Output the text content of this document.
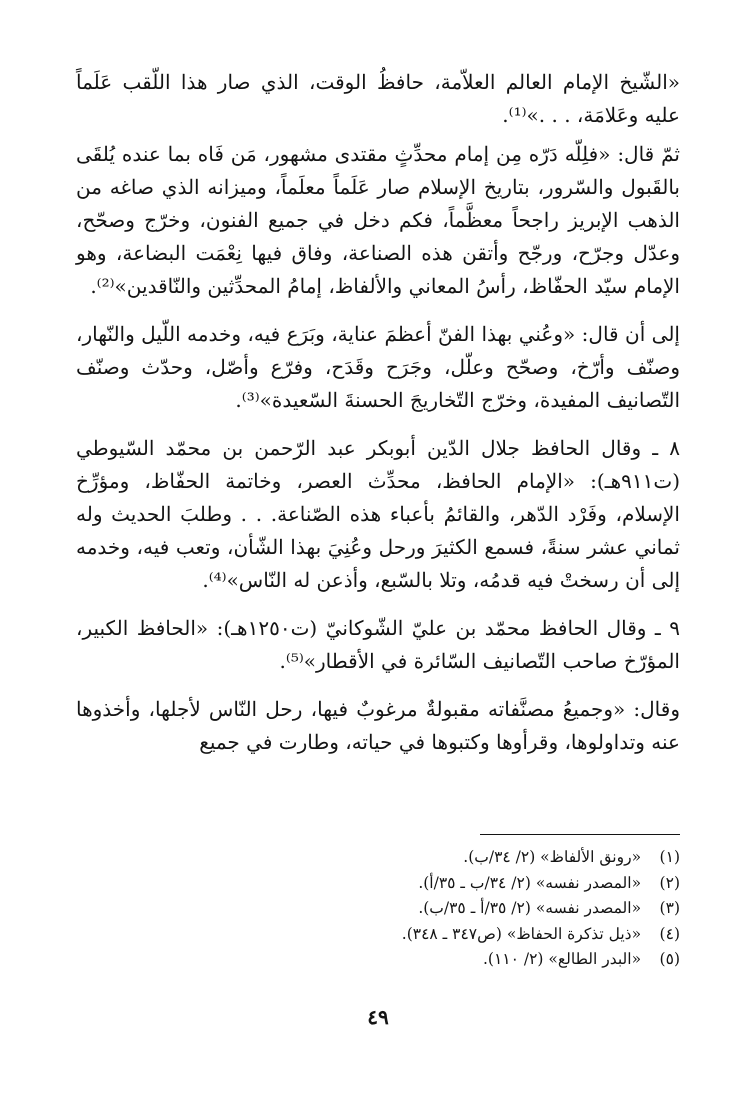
«الشّيخ الإمام العالم العلاّمة، حافظُ الوقت، الذي صار هذا اللّقب عَلَماً عليه وعَلامَة، . . .»⁽¹⁾.

ثمّ قال: «فلِلّه دَرّه مِن إمام محدِّثٍ مقتدى مشهور، مَن فَاه بما عنده يُلقَى بالقَبول والسّرور، بتاريخ الإسلام صار عَلَماً معلَماً، وميزانه الذي صاغه من الذهب الإبريز راجحاً معظَّماً، فكم دخل في جميع الفنون، وخرّج وصحّح، وعدّل وجرّح، ورجّح وأتقن هذه الصناعة، وفاق فيها نِعْمَت البضاعة، وهو الإمام سيّد الحفّاظ، رأسُ المعاني والألفاظ، إمامُ المحدِّثين والنّاقدين»⁽²⁾.

إلى أن قال: «وعُني بهذا الفنّ أعظمَ عناية، وبَرَع فيه، وخدمه اللّيل والنّهار، وصنّف وأرّخ، وصحّح وعلّل، وجَرَح وقَدَح، وفرّع وأصّل، وحدّث وصنّف التّصانيف المفيدة، وخرّج التّخاريجَ الحسنةَ السّعيدة»⁽³⁾.

٨ ـ وقال الحافظ جلال الدّين أبوبكر عبد الرّحمن بن محمّد السّيوطي (ت٩١١هـ): «الإمام الحافظ، محدِّث العصر، وخاتمة الحفّاظ، ومؤرِّخ الإسلام، وفَرْد الدّهر، والقائمُ بأعباء هذه الصّناعة. . . وطلبَ الحديث وله ثماني عشر سنةً، فسمع الكثيرَ ورحل وعُنِيَ بهذا الشّأن، وتعب فيه، وخدمه إلى أن رسختْ فيه قدمُه، وتلا بالسّبع، وأذعن له النّاس»⁽⁴⁾.

٩ ـ وقال الحافظ محمّد بن عليّ الشّوكانيّ (ت١٢٥٠هـ): «الحافظ الكبير، المؤرّخ صاحب التّصانيف السّائرة في الأقطار»⁽⁵⁾.

وقال: «وجميعُ مصنَّفاته مقبولةٌ مرغوبٌ فيها، رحل النّاس لأجلها، وأخذوها عنه وتداولوها، وقرأوها وكتبوها في حياته، وطارت في جميع

(١) «رونق الألفاظ» (٢/ ٣٤/ب).
(٢) «المصدر نفسه» (٢/ ٣٤/ب ـ ٣٥/أ).
(٣) «المصدر نفسه» (٢/ ٣٥/أ ـ ٣٥/ب).
(٤) «ذيل تذكرة الحفاظ» (ص٣٤٧ ـ ٣٤٨).
(٥) «البدر الطالع» (٢/ ١١٠).
٤٩
